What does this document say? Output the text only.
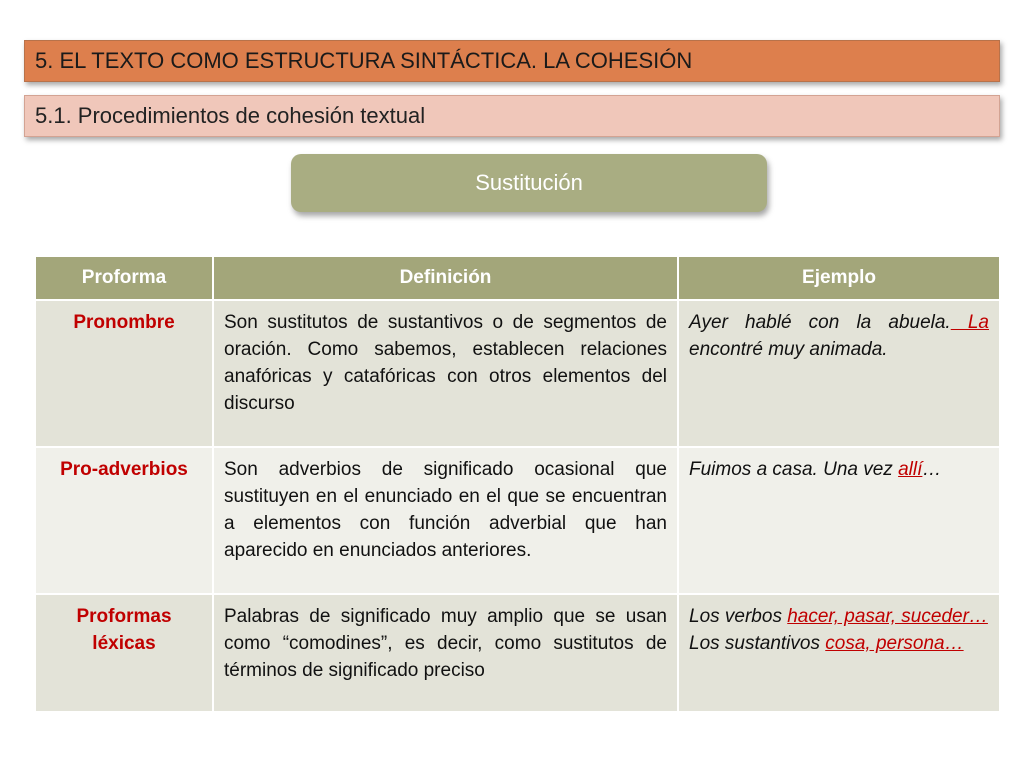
5. EL TEXTO COMO ESTRUCTURA SINTÁCTICA. LA COHESIÓN
5.1. Procedimientos de cohesión textual
Sustitución
Proforma	Definición	Ejemplo
Pronombre	Son sustitutos de sustantivos o de segmentos de oración. Como sabemos, establecen relaciones anafóricas y catafóricas con otros elementos del discurso	Ayer hablé con la abuela. La encontré muy animada.
Pro-adverbios	Son adverbios de significado ocasional que sustituyen en el enunciado en el que se encuentran a elementos con función adverbial que han aparecido en enunciados anteriores.	Fuimos a casa. Una vez allí…
Proformas léxicas	Palabras de significado muy amplio que se usan como “comodines”, es decir, como sustitutos de términos de significado preciso	Los verbos hacer, pasar, suceder…
Los sustantivos cosa, persona…
